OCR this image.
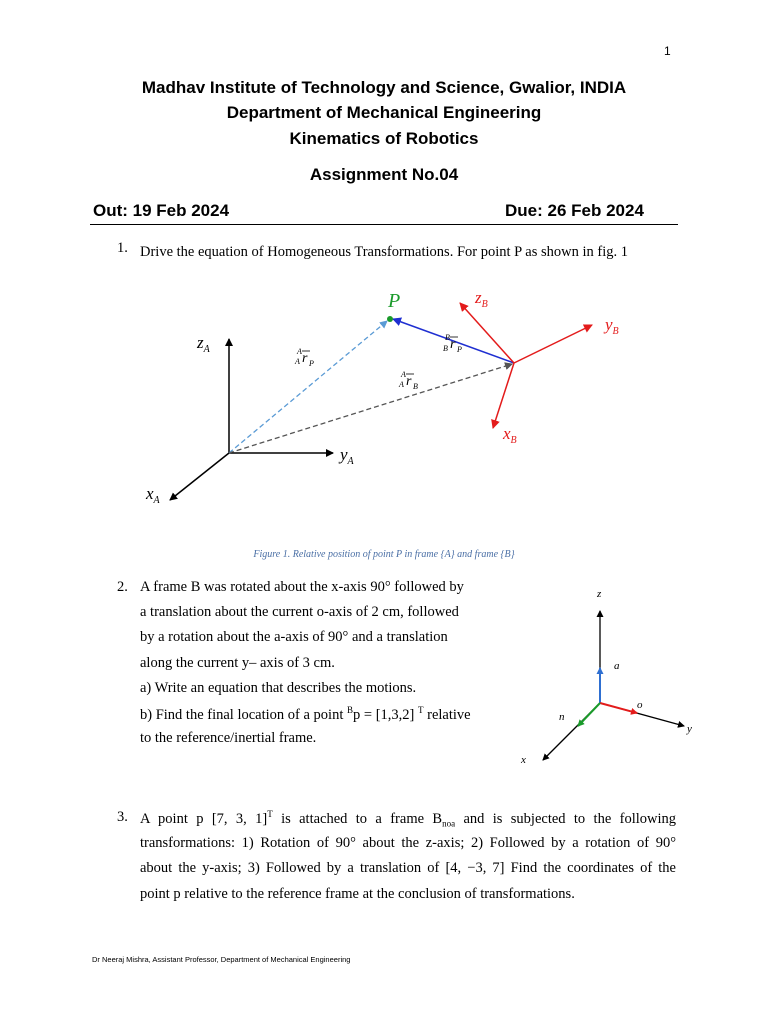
1
Madhav Institute of Technology and Science, Gwalior, INDIA
Department of Mechanical Engineering
Kinematics of Robotics
Assignment No.04
Out: 19 Feb 2024	Due: 26 Feb 2024
1. Drive the equation of Homogeneous Transformations. For point P as shown in fig. 1
P
$z_A$
$y_A$
$x_A$
$z_B$
$y_B$
$x_B$
A
A r P
A
A r B
B
B r P
Figure 1. Relative position of point P in frame {A} and frame {B}
2. A frame B was rotated about the x-axis 90° followed by
a translation about the current o-axis of 2 cm, followed
by a rotation about the a-axis of 90° and a translation
along the current y– axis of 3 cm.
a) Write an equation that describes the motions.
b) Find the final location of a point $^B$p = [1,3,2] $^T$ relative
to the reference/inertial frame.
z
y
x
a
o
n
3. A point p [7, 3, 1]$^T$ is attached to a frame $B_{noa}$ and is subjected to the following
transformations: 1) Rotation of 90° about the z-axis; 2) Followed by a rotation of 90°
about the y-axis; 3) Followed by a translation of [4, −3, 7] Find the coordinates of the
point p relative to the reference frame at the conclusion of transformations.
Dr Neeraj Mishra, Assistant Professor, Department of Mechanical Engineering
